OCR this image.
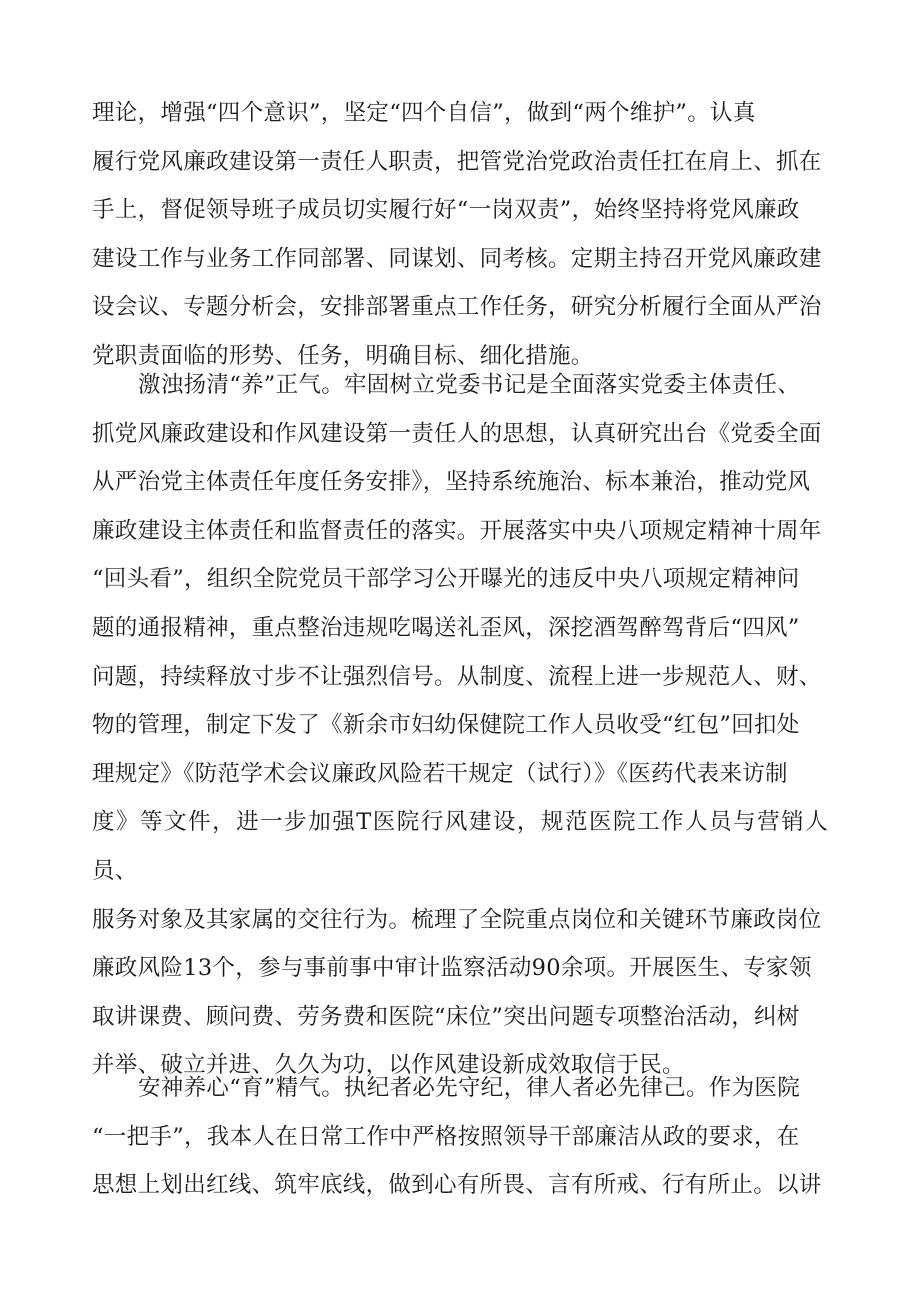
理论，增强“四个意识”，坚定“四个自信”，做到“两个维护”。认真
履行党风廉政建设第一责任人职责，把管党治党政治责任扛在肩上、抓在
手上，督促领导班子成员切实履行好“一岗双责”，始终坚持将党风廉政
建设工作与业务工作同部署、同谋划、同考核。定期主持召开党风廉政建
设会议、专题分析会，安排部署重点工作任务，研究分析履行全面从严治
党职责面临的形势、任务，明确目标、细化措施。
激浊扬清“养”正气。牢固树立党委书记是全面落实党委主体责任、
抓党风廉政建设和作风建设第一责任人的思想，认真研究出台《党委全面
从严治党主体责任年度任务安排》，坚持系统施治、标本兼治，推动党风
廉政建设主体责任和监督责任的落实。开展落实中央八项规定精神十周年
“回头看”，组织全院党员干部学习公开曝光的违反中央八项规定精神问
题的通报精神，重点整治违规吃喝送礼歪风，深挖酒驾醉驾背后“四风”
问题，持续释放寸步不让强烈信号。从制度、流程上进一步规范人、财、
物的管理，制定下发了《新余市妇幼保健院工作人员收受“红包”回扣处
理规定》《防范学术会议廉政风险若干规定（试行）》《医药代表来访制
度》等文件，进一步加强T医院行风建设，规范医院工作人员与营销人员、
服务对象及其家属的交往行为。梳理了全院重点岗位和关键环节廉政岗位
廉政风险13个，参与事前事中审计监察活动90余项。开展医生、专家领
取讲课费、顾问费、劳务费和医院“床位”突出问题专项整治活动，纠树
并举、破立并进、久久为功，以作风建设新成效取信于民。
安神养心“育”精气。执纪者必先守纪，律人者必先律己。作为医院
“一把手”，我本人在日常工作中严格按照领导干部廉洁从政的要求，在
思想上划出红线、筑牢底线，做到心有所畏、言有所戒、行有所止。以讲
